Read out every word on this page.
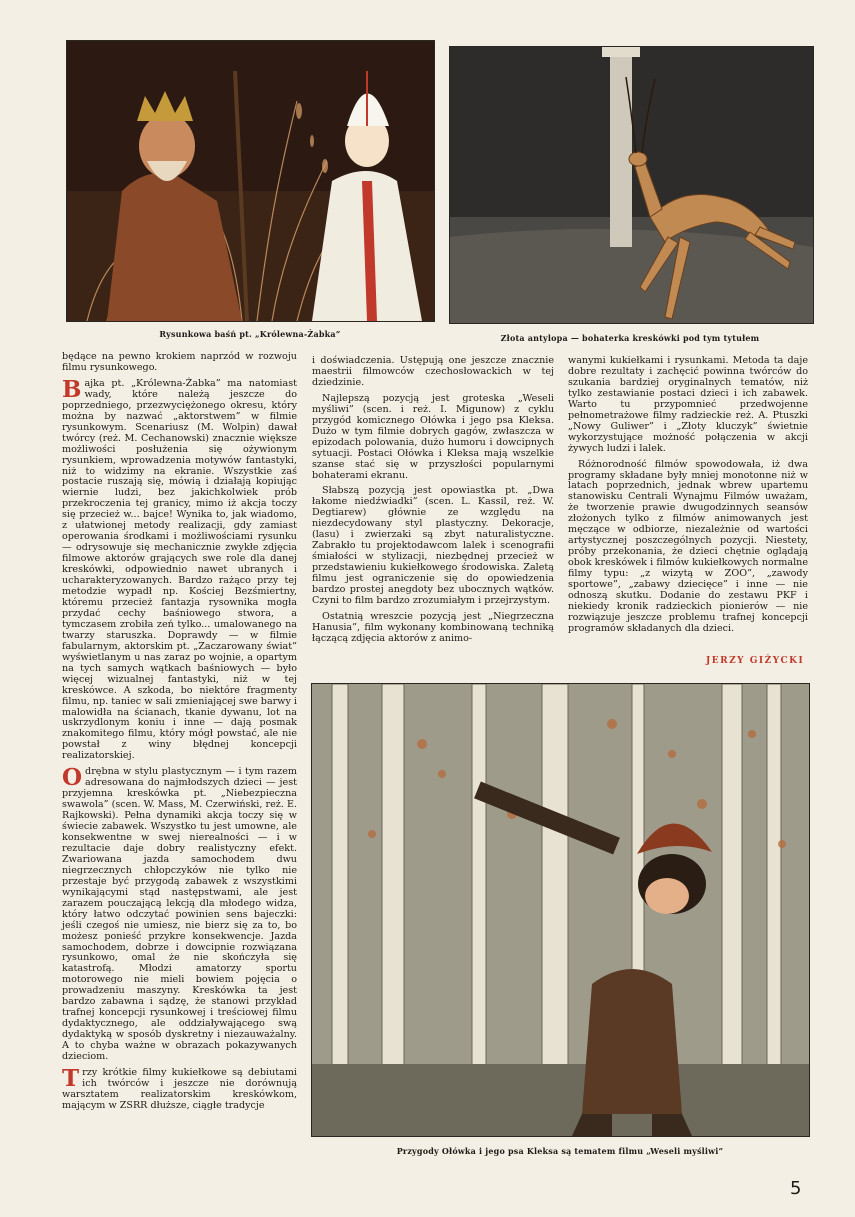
Rysunkowa baśń pt. „Królewna-Żabka”	Złota antylopa — bohaterka kreskówki pod tym tytułem

będące na pewno krokiem naprzód w rozwoju filmu rysunkowego.

Bajka pt. „Królewna-Żabka” ma natomiast wady, które należą jeszcze do poprzedniego, przezwyciężonego okresu, który można by nazwać „aktorstwem” w filmie rysunkowym. Scenariusz (M. Wolpin) dawał twórcy (reż. M. Cechanowski) znacznie większe możliwości posłużenia się ożywionym rysunkiem, wprowadzenia motywów fantastyki, niż to widzimy na ekranie. Wszystkie zaś postacie ruszają się, mówią i działają kopiując wiernie ludzi, bez jakichkolwiek prób przekroczenia tej granicy, mimo iż akcja toczy się przecież w... bajce! Wynika to, jak wiadomo, z ułatwionej metody realizacji, gdy zamiast operowania środkami i możliwościami rysunku — odrysowuje się mechanicznie zwykłe zdjęcia filmowe aktorów grających swe role dla danej kreskówki, odpowiednio nawet ubranych i ucharakteryzowanych. Bardzo rażąco przy tej metodzie wypadł np. Kościej Bezśmiertny, któremu przecież fantazja rysownika mogła przydać cechy baśniowego stwora, a tymczasem zrobiła zeń tylko... umalowanego na twarzy staruszka. Doprawdy — w filmie fabularnym, aktorskim pt. „Zaczarowany świat” wyświetlanym u nas zaraz po wojnie, a opartym na tych samych wątkach baśniowych — było więcej wizualnej fantastyki, niż w tej kreskówce. A szkoda, bo niektóre fragmenty filmu, np. taniec w sali zmieniającej swe barwy i malowidła na ścianach, tkanie dywanu, lot na uskrzydlonym koniu i inne — dają posmak znakomitego filmu, który mógł powstać, ale nie powstał z winy błędnej koncepcji realizatorskiej.

Odrębna w stylu plastycznym — i tym razem adresowana do najmłodszych dzieci — jest przyjemna kreskówka pt. „Niebezpieczna swawola” (scen. W. Mass, M. Czerwiński, reż. E. Rajkowski). Pełna dynamiki akcja toczy się w świecie zabawek. Wszystko tu jest umowne, ale konsekwentne w swej nierealności — i w rezultacie daje dobry realistyczny efekt. Zwariowana jazda samochodem dwu niegrzecznych chłopczyków nie tylko nie przestaje być przygodą zabawek z wszystkimi wynikającymi stąd następstwami, ale jest zarazem pouczającą lekcją dla młodego widza, który łatwo odczytać powinien sens bajeczki: jeśli czegoś nie umiesz, nie bierz się za to, bo możesz ponieść przykre konsekwencje. Jazda samochodem, dobrze i dowcipnie rozwiązana rysunkowo, omal że nie skończyła się katastrofą. Młodzi amatorzy sportu motorowego nie mieli bowiem pojęcia o prowadzeniu maszyny. Kreskówka ta jest bardzo zabawna i sądzę, że stanowi przykład trafnej koncepcji rysunkowej i treściowej filmu dydaktycznego, ale oddziaływającego swą dydaktyką w sposób dyskretny i niezauważalny. A to chyba ważne w obrazach pokazywanych dzieciom.

Trzy krótkie filmy kukiełkowe są debiutami ich twórców i jeszcze nie dorównują warsztatem realizatorskim kreskówkom, mającym w ZSRR dłuższe, ciągłe tradycje

i doświadczenia. Ustępują one jeszcze znacznie maestrii filmowców czechosłowackich w tej dziedzinie.

Najlepszą pozycją jest groteska „Weseli myśliwi” (scen. i reż. I. Migunow) z cyklu przygód komicznego Ołówka i jego psa Kleksa. Dużo w tym filmie dobrych gagów, zwłaszcza w epizodach polowania, dużo humoru i dowcipnych sytuacji. Postaci Ołówka i Kleksa mają wszelkie szanse stać się w przyszłości popularnymi bohaterami ekranu.

Słabszą pozycją jest opowiastka pt. „Dwa łakome niedźwiadki” (scen. L. Kassil, reż. W. Degtiarew) głównie ze względu na niezdecydowany styl plastyczny. Dekoracje, (lasu) i zwierzaki są zbyt naturalistyczne. Zabrakło tu projektodawcom lalek i scenografii śmiałości w stylizacji, niezbędnej przecież w przedstawieniu kukiełkowego środowiska. Zaletą filmu jest ograniczenie się do opowiedzenia bardzo prostej anegdoty bez ubocznych wątków. Czyni to film bardzo zrozumiałym i przejrzystym.

Ostatnią wreszcie pozycją jest „Niegrzeczna Hanusia”, film wykonany kombinowaną techniką łączącą zdjęcia aktorów z animo-

wanymi kukiełkami i rysunkami. Metoda ta daje dobre rezultaty i zachęcić powinna twórców do szukania bardziej oryginalnych tematów, niż tylko zestawianie postaci dzieci i ich zabawek. Warto tu przypomnieć przedwojenne pełnometrażowe filmy radzieckie reż. A. Ptuszki „Nowy Guliwer” i „Złoty kluczyk” świetnie wykorzystujące możność połączenia w akcji żywych ludzi i lalek.

Różnorodność filmów spowodowała, iż dwa programy składane były mniej monotonne niż w latach poprzednich, jednak wbrew upartemu stanowisku Centrali Wynajmu Filmów uważam, że tworzenie prawie dwugodzinnych seansów złożonych tylko z filmów animowanych jest męczące w odbiorze, niezależnie od wartości artystycznej poszczególnych pozycji. Niestety, próby przekonania, że dzieci chętnie oglądają obok kreskówek i filmów kukiełkowych normalne filmy typu: „z wizytą w ZOO”, „zawody sportowe”, „zabawy dziecięce” i inne — nie odnoszą skutku. Dodanie do zestawu PKF i niekiedy kronik radzieckich pionierów — nie rozwiązuje jeszcze problemu trafnej koncepcji programów składanych dla dzieci.

JERZY GIŻYCKI
Przygody Ołówka i jego psa Kleksa są tematem filmu „Weseli myśliwi”
5
